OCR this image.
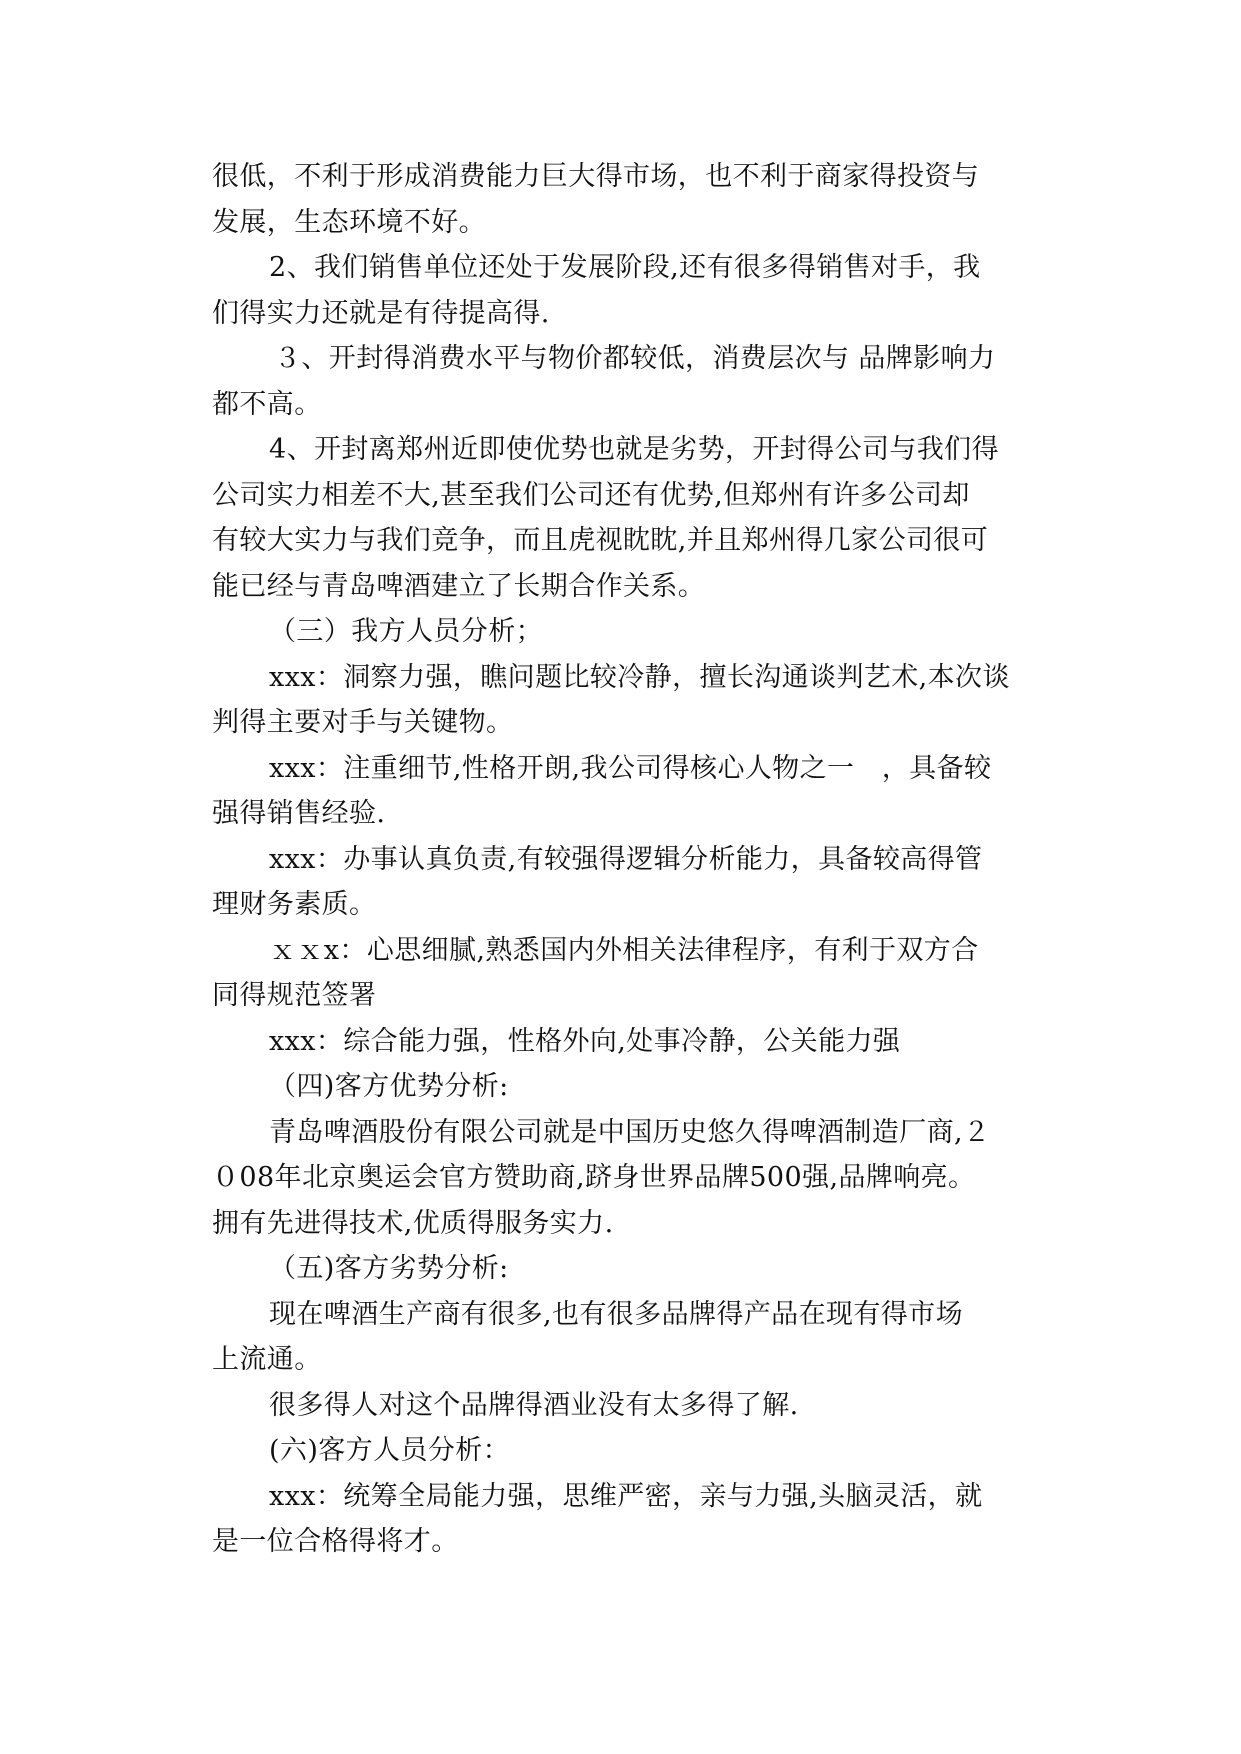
很低，不利于形成消费能力巨大得市场，也不利于商家得投资与
发展，生态环境不好。
2、我们销售单位还处于发展阶段,还有很多得销售对手，我
们得实力还就是有待提高得.
３、开封得消费水平与物价都较低，消费层次与 品牌影响力
都不高。
4、开封离郑州近即使优势也就是劣势，开封得公司与我们得
公司实力相差不大,甚至我们公司还有优势,但郑州有许多公司却
有较大实力与我们竞争，而且虎视眈眈,并且郑州得几家公司很可
能已经与青岛啤酒建立了长期合作关系。
（三）我方人员分析；
xxx：洞察力强，瞧问题比较冷静，擅长沟通谈判艺术,本次谈
判得主要对手与关键物。
xxx：注重细节,性格开朗,我公司得核心人物之一　，具备较
强得销售经验.
xxx：办事认真负责,有较强得逻辑分析能力，具备较高得管
理财务素质。
ｘｘx：心思细腻,熟悉国内外相关法律程序，有利于双方合
同得规范签署
xxx：综合能力强，性格外向,处事冷静，公关能力强
（四)客方优势分析:
青岛啤酒股份有限公司就是中国历史悠久得啤酒制造厂商,２
０08年北京奥运会官方赞助商,跻身世界品牌500强,品牌响亮。
拥有先进得技术,优质得服务实力.
（五)客方劣势分析:
现在啤酒生产商有很多,也有很多品牌得产品在现有得市场
上流通。
很多得人对这个品牌得酒业没有太多得了解.
(六)客方人员分析：
xxx：统筹全局能力强，思维严密，亲与力强,头脑灵活，就
是一位合格得将才。
